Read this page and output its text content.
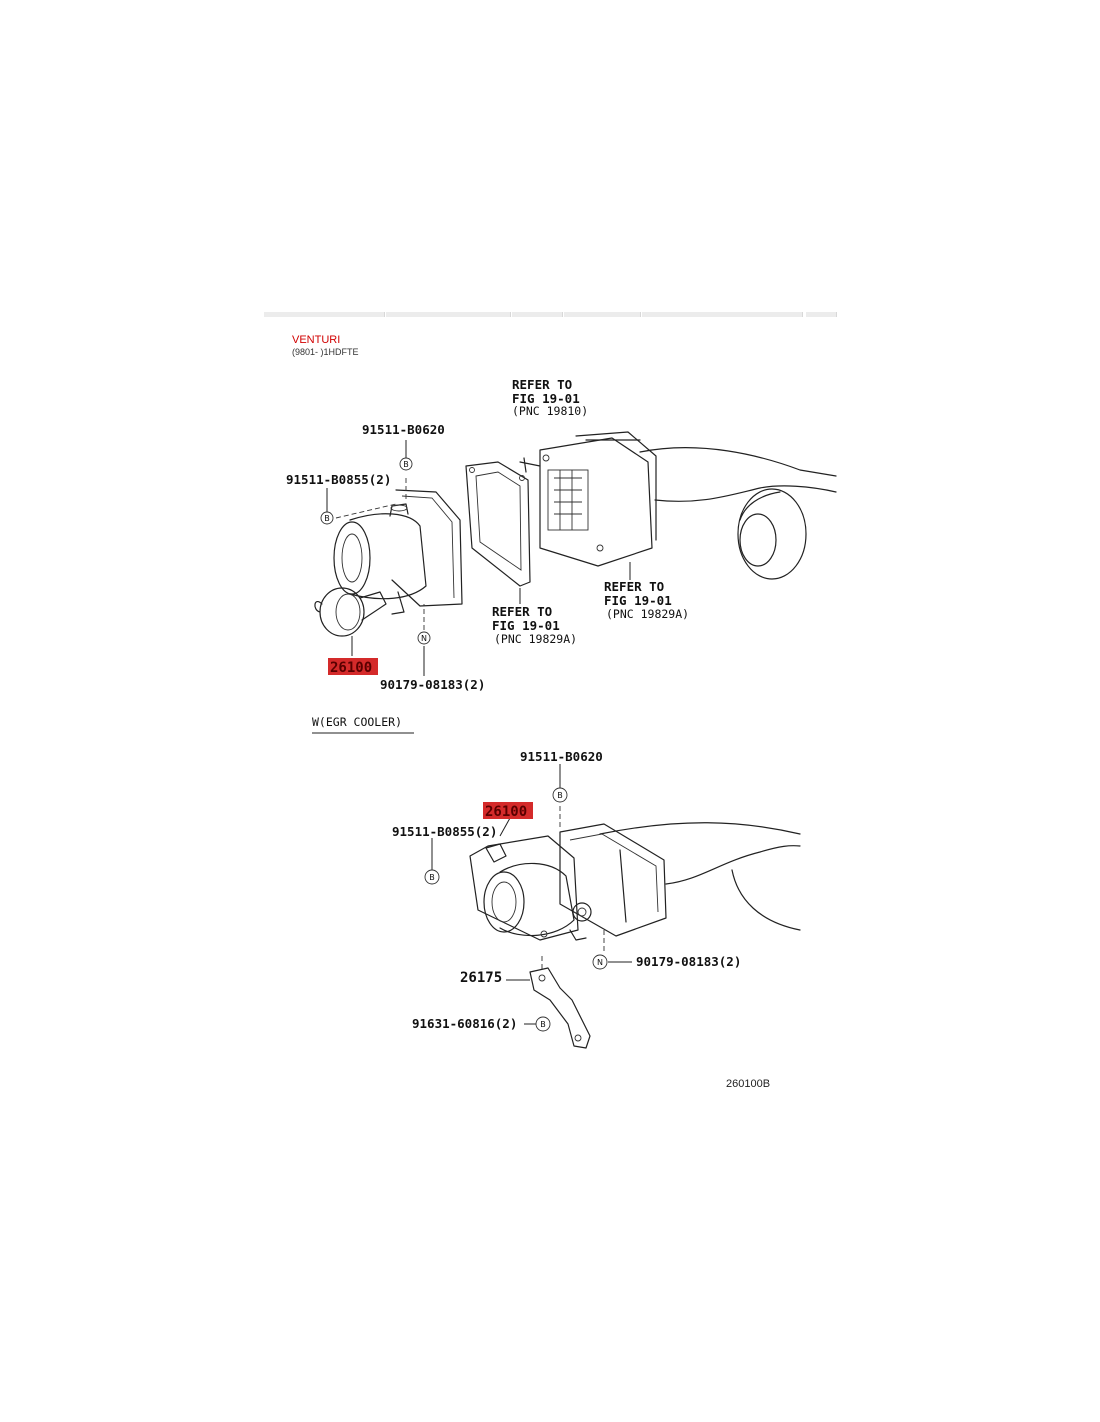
VENTURI
(9801- )1HDFTE
B
B
N
REFER TO
FIG 19-01
(PNC 19810)
REFER TO
FIG 19-01
(PNC 19829A)
REFER TO
FIG 19-01
(PNC 19829A)
91511-B0620
91511-B0855(2)
90179-08183(2)
26100
W(EGR COOLER)
B
B
N
B
91511-B0620
91511-B0855(2)
90179-08183(2)
26175
91631-60816(2)
26100
260100B
